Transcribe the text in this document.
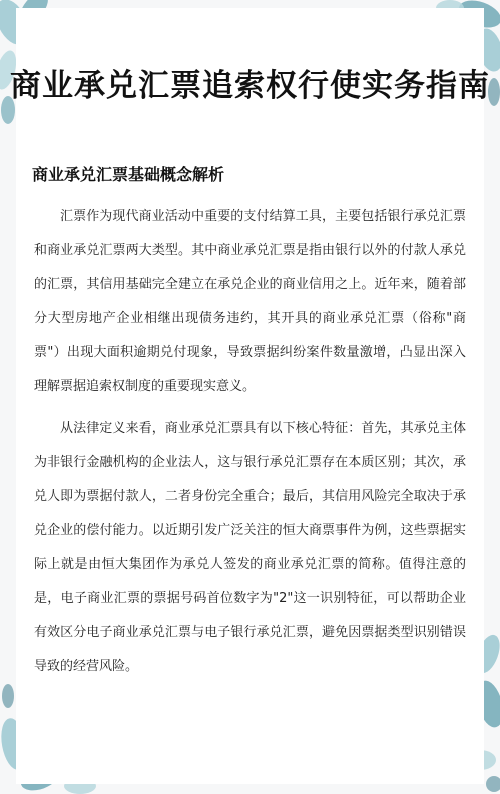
商业承兑汇票追索权行使实务指南
商业承兑汇票基础概念解析

汇票作为现代商业活动中重要的支付结算工具，主要包括银行承兑汇票和商业承兑汇票两大类型。其中商业承兑汇票是指由银行以外的付款人承兑的汇票，其信用基础完全建立在承兑企业的商业信用之上。近年来，随着部分大型房地产企业相继出现债务违约，其开具的商业承兑汇票（俗称"商票"）出现大面积逾期兑付现象，导致票据纠纷案件数量激增，凸显出深入理解票据追索权制度的重要现实意义。

从法律定义来看，商业承兑汇票具有以下核心特征：首先，其承兑主体为非银行金融机构的企业法人，这与银行承兑汇票存在本质区别；其次，承兑人即为票据付款人，二者身份完全重合；最后，其信用风险完全取决于承兑企业的偿付能力。以近期引发广泛关注的恒大商票事件为例，这些票据实际上就是由恒大集团作为承兑人签发的商业承兑汇票的简称。值得注意的是，电子商业汇票的票据号码首位数字为"2"这一识别特征，可以帮助企业有效区分电子商业承兑汇票与电子银行承兑汇票，避免因票据类型识别错误导致的经营风险。
